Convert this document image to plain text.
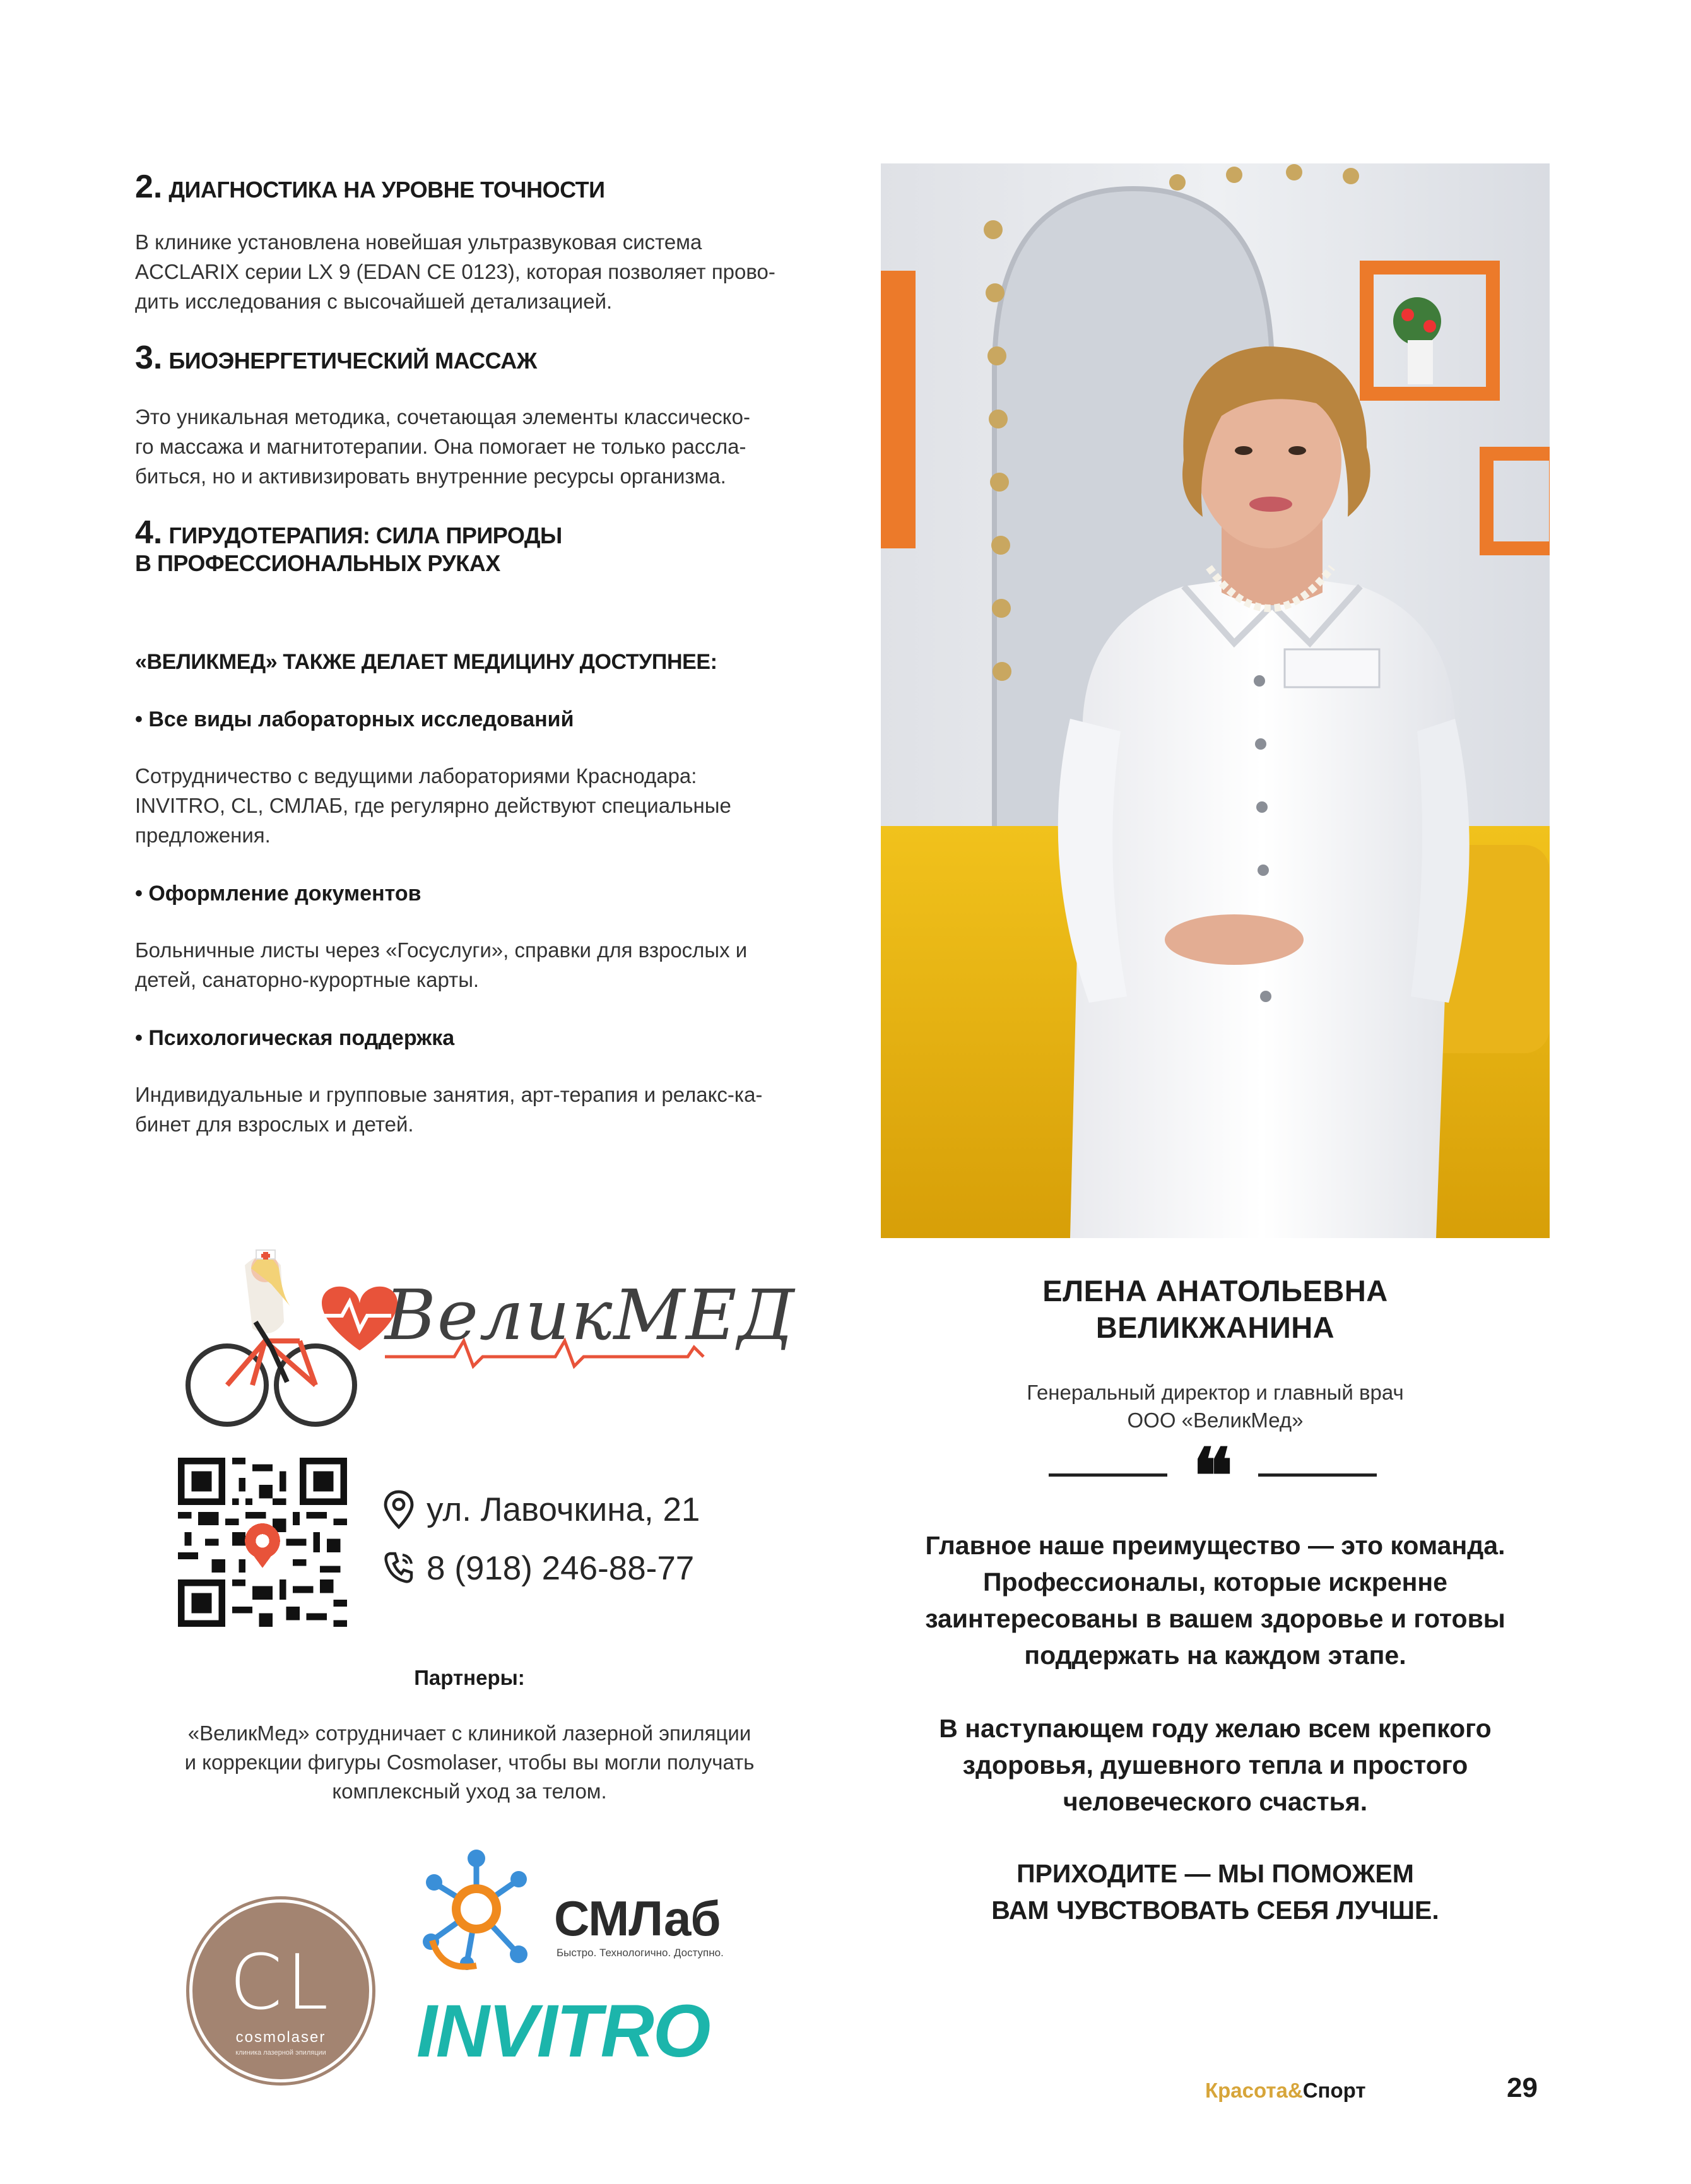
2. ДИАГНОСТИКА НА УРОВНЕ ТОЧНОСТИ
В клинике установлена новейшая ультразвуковая система
ACCLARIX серии LX 9 (EDAN CE 0123), которая позволяет прово-
дить исследования с высочайшей детализацией.
3. БИОЭНЕРГЕТИЧЕСКИЙ МАССАЖ
Это уникальная методика, сочетающая элементы классическо-
го массажа и магнитотерапии. Она помогает не только рассла-
биться, но и активизировать внутренние ресурсы организма.
4. ГИРУДОТЕРАПИЯ: СИЛА ПРИРОДЫ
В ПРОФЕССИОНАЛЬНЫХ РУКАХ
«ВЕЛИКМЕД» ТАКЖЕ ДЕЛАЕТ МЕДИЦИНУ ДОСТУПНЕЕ:
• Все виды лабораторных исследований
Сотрудничество с ведущими лабораториями Краснодара:
INVITRO, CL, СМЛАБ, где регулярно действуют специальные
предложения.
• Оформление документов
Больничные листы через «Госуслуги», справки для взрослых и
детей, санаторно-курортные карты.
• Психологическая поддержка
Индивидуальные и групповые занятия, арт-терапия и релакс-ка-
бинет для взрослых и детей.
ВеликМЕД
ул. Лавочкина, 21
8 (918) 246-88-77
Партнеры:
«ВеликМед» сотрудничает с клиникой лазерной эпиляции
и коррекции фигуры Cosmolaser, чтобы вы могли получать
комплексный уход за телом.
CL
cosmolaser
клиника лазерной эпиляции
СМЛаб
Быстро. Технологично. Доступно.
INVITRO
ЕЛЕНА АНАТОЛЬЕВНА
ВЕЛИКЖАНИНА
Генеральный директор и главный врач
ООО «ВеликМед»
❝
Главное наше преимущество — это команда.
Профессионалы, которые искренне
заинтересованы в вашем здоровье и готовы
поддержать на каждом этапе.
В наступающем году желаю всем крепкого
здоровья, душевного тепла и простого
человеческого счастья.
ПРИХОДИТЕ — МЫ ПОМОЖЕМ
ВАМ ЧУВСТВОВАТЬ СЕБЯ ЛУЧШЕ.
Красота&Спорт	29
